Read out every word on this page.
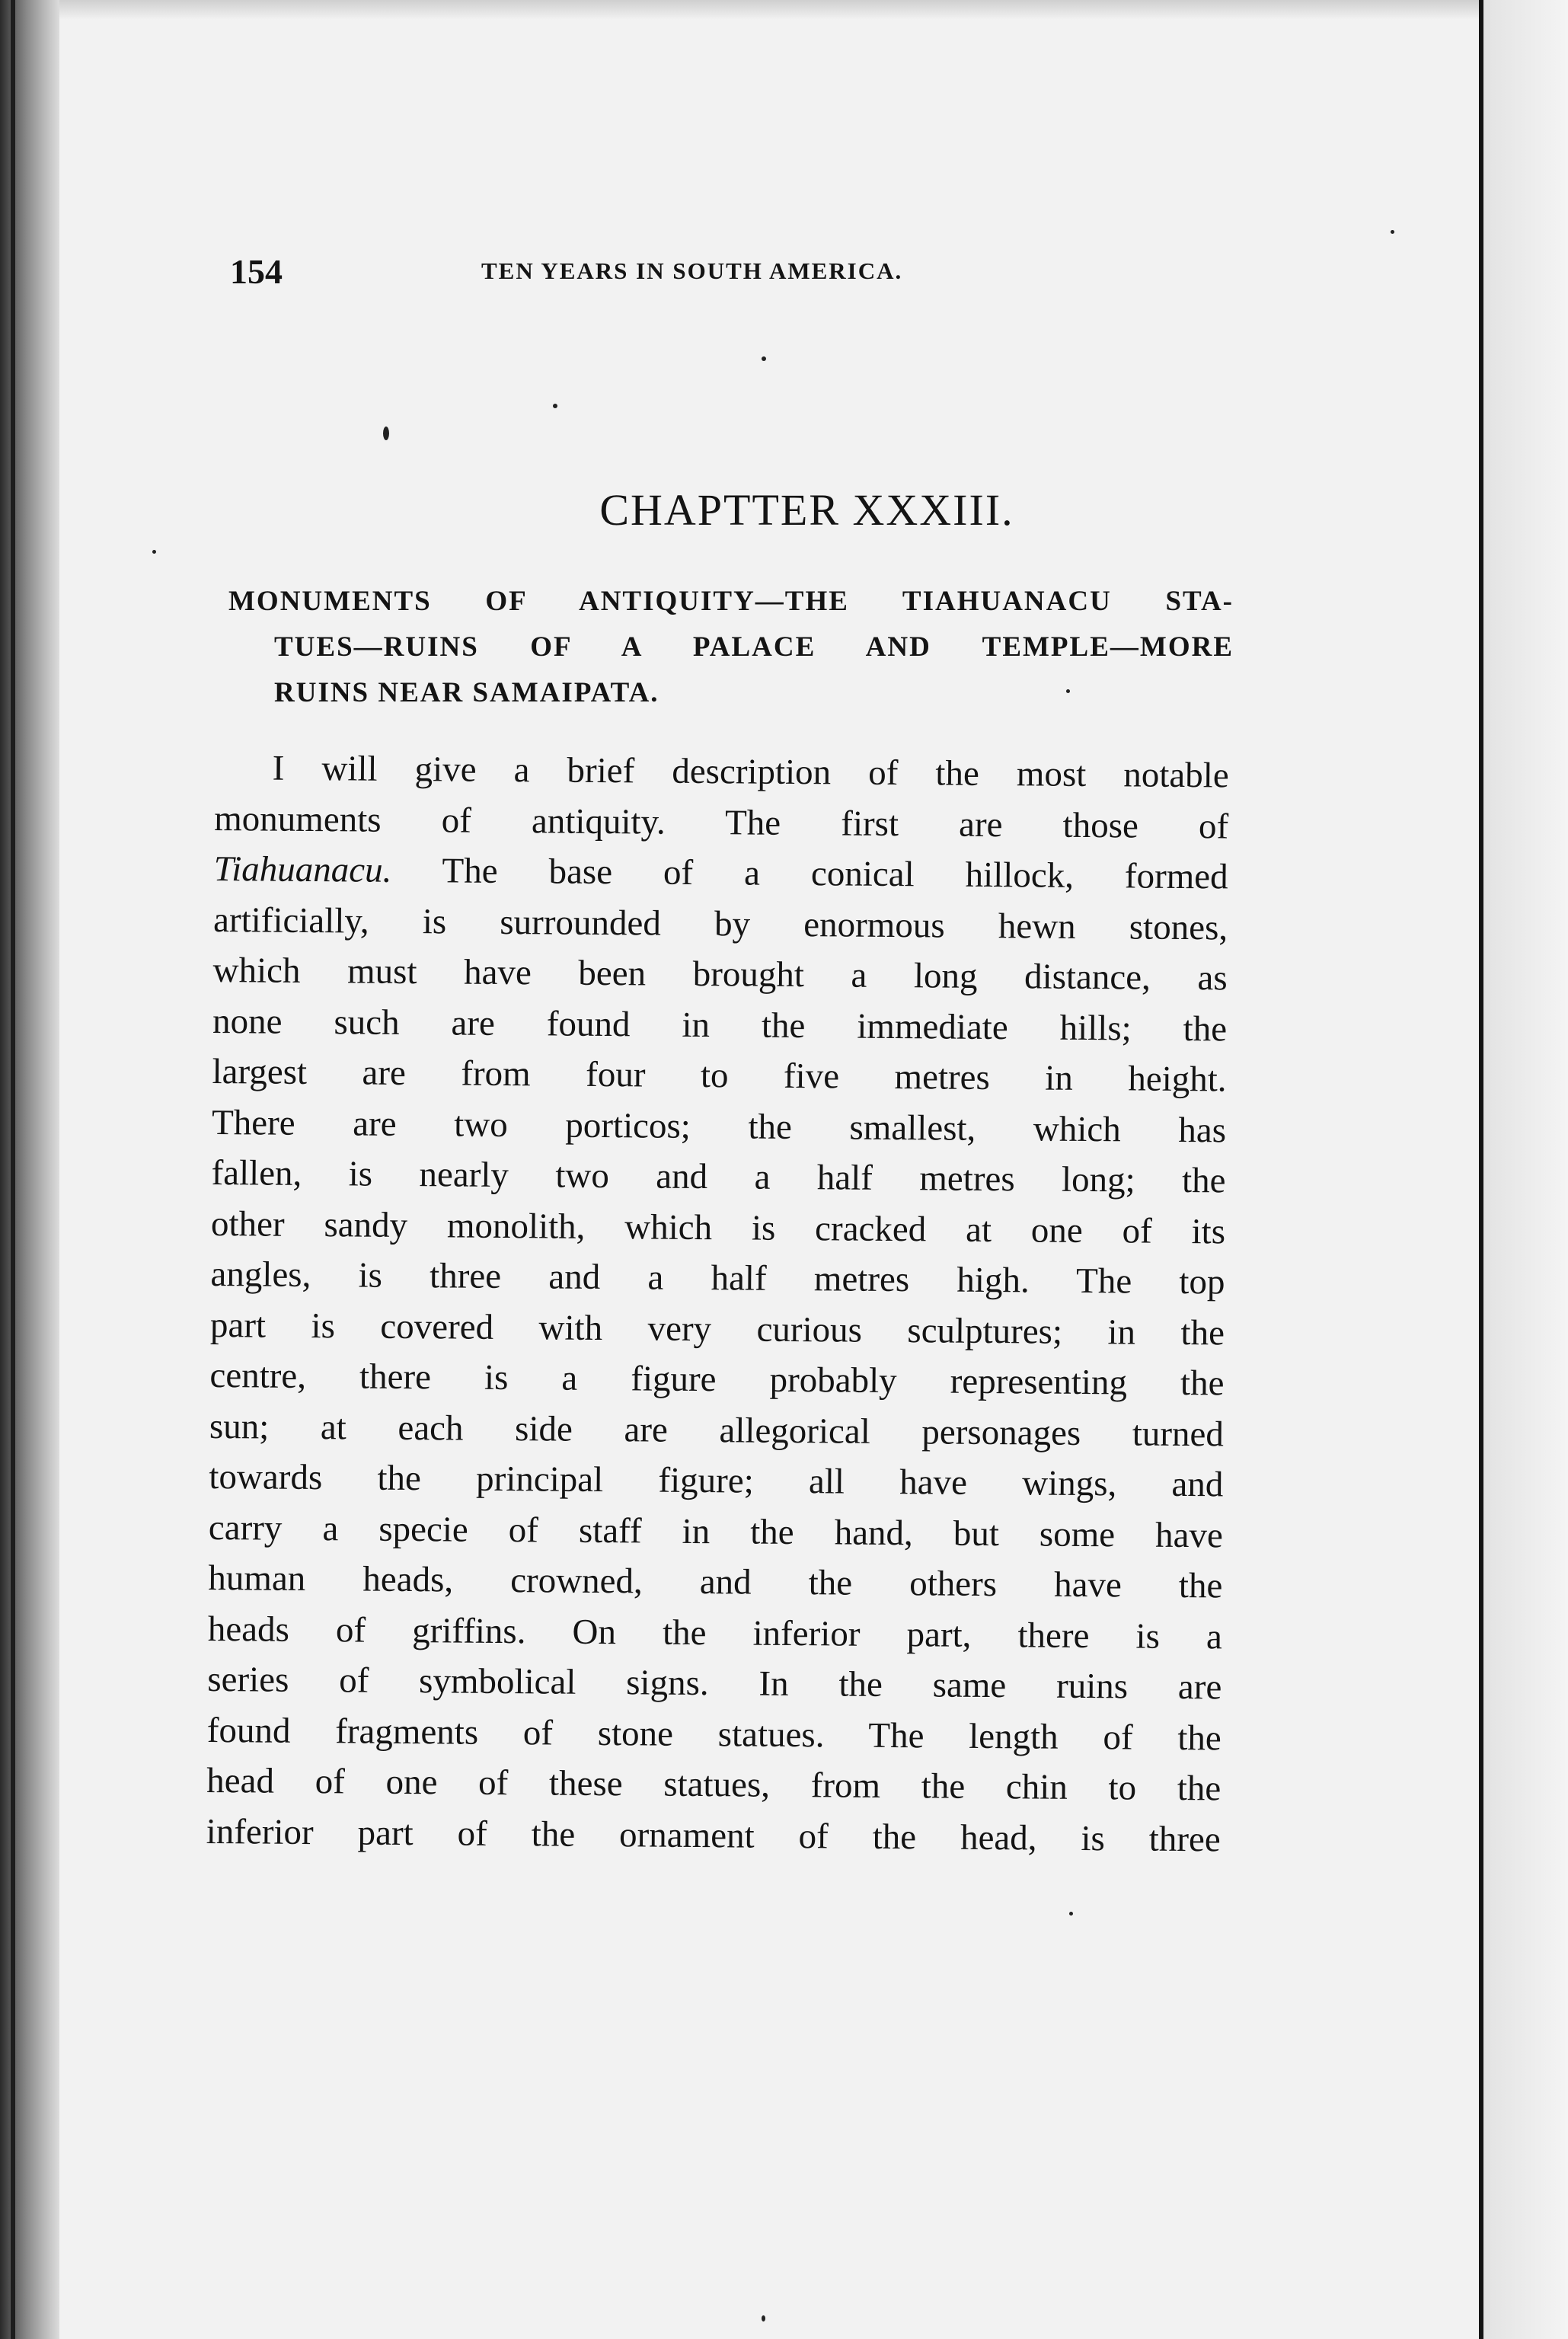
154	TEN YEARS IN SOUTH AMERICA.
CHAPTTER XXXIII.
MONUMENTS OF ANTIQUITY—THE TIAHUANACU STA-
TUES—RUINS OF A PALACE AND TEMPLE—MORE
RUINS NEAR SAMAIPATA.
I will give a brief description of the most notable
monuments of antiquity. The first are those of
Tiahuanacu. The base of a conical hillock, formed
artificially, is surrounded by enormous hewn stones,
which must have been brought a long distance, as
none such are found in the immediate hills; the
largest are from four to five metres in height.
There are two porticos; the smallest, which has
fallen, is nearly two and a half metres long; the
other sandy monolith, which is cracked at one of its
angles, is three and a half metres high. The top
part is covered with very curious sculptures; in the
centre, there is a figure probably representing the
sun; at each side are allegorical personages turned
towards the principal figure; all have wings, and
carry a specie of staff in the hand, but some have
human heads, crowned, and the others have the
heads of griffins. On the inferior part, there is a
series of symbolical signs. In the same ruins are
found fragments of stone statues. The length of the
head of one of these statues, from the chin to the
inferior part of the ornament of the head, is three
